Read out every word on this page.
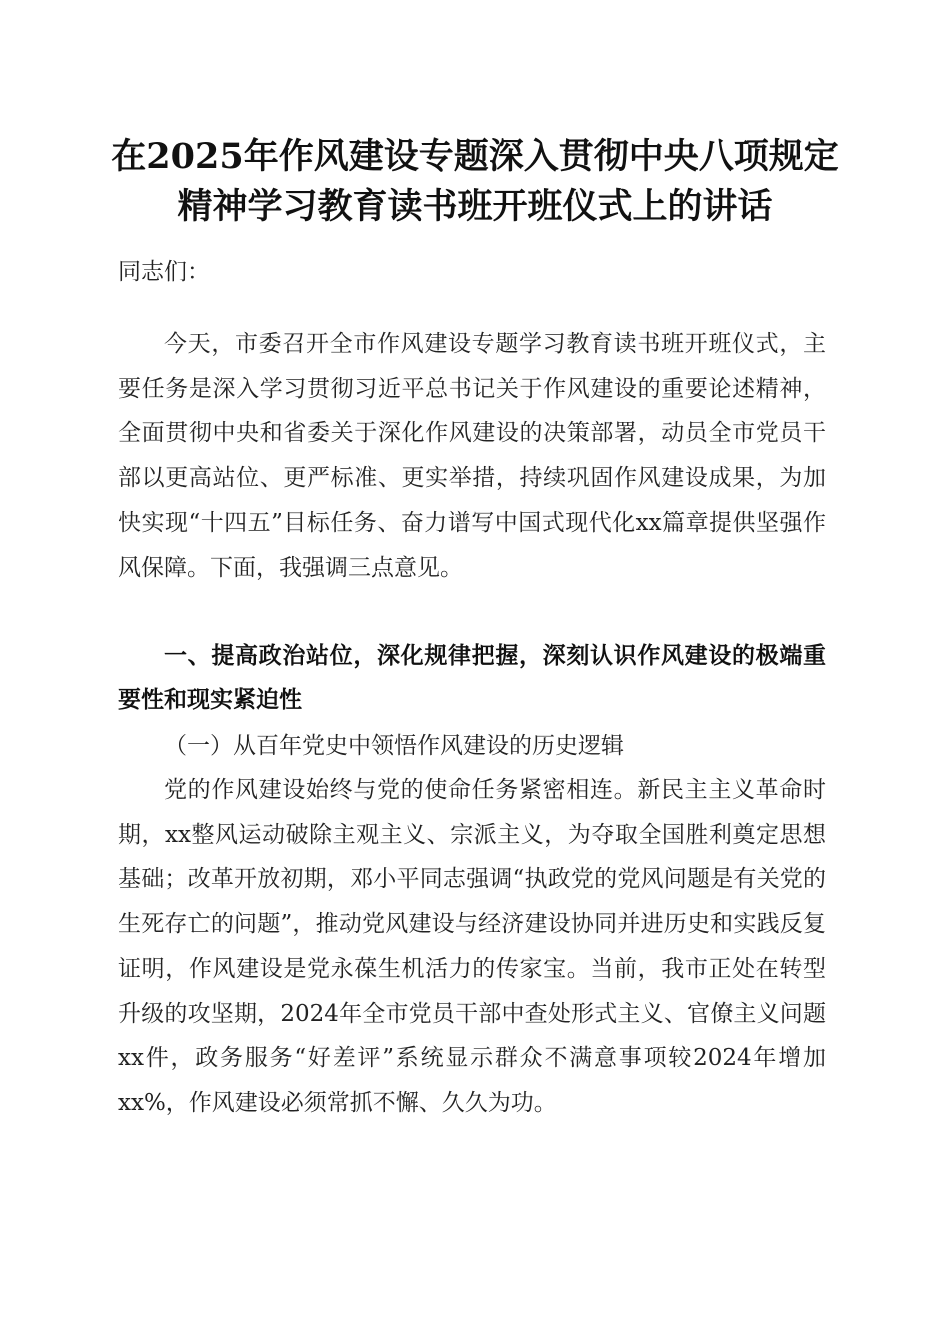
在2025年作风建设专题深入贯彻中央八项规定精神学习教育读书班开班仪式上的讲话
同志们：

今天，市委召开全市作风建设专题学习教育读书班开班仪式，主要任务是深入学习贯彻习近平总书记关于作风建设的重要论述精神，全面贯彻中央和省委关于深化作风建设的决策部署，动员全市党员干部以更高站位、更严标准、更实举措，持续巩固作风建设成果，为加快实现“十四五”目标任务、奋力谱写中国式现代化xx篇章提供坚强作风保障。下面，我强调三点意见。

一、提高政治站位，深化规律把握，深刻认识作风建设的极端重要性和现实紧迫性
（一）从百年党史中领悟作风建设的历史逻辑

党的作风建设始终与党的使命任务紧密相连。新民主主义革命时期，xx整风运动破除主观主义、宗派主义，为夺取全国胜利奠定思想基础；改革开放初期，邓小平同志强调“执政党的党风问题是有关党的生死存亡的问题”，推动党风建设与经济建设协同并进历史和实践反复证明，作风建设是党永葆生机活力的传家宝。当前，我市正处在转型升级的攻坚期，2024年全市党员干部中查处形式主义、官僚主义问题xx件，政务服务“好差评”系统显示群众不满意事项较2024年增加xx%，作风建设必须常抓不懈、久久为功。
